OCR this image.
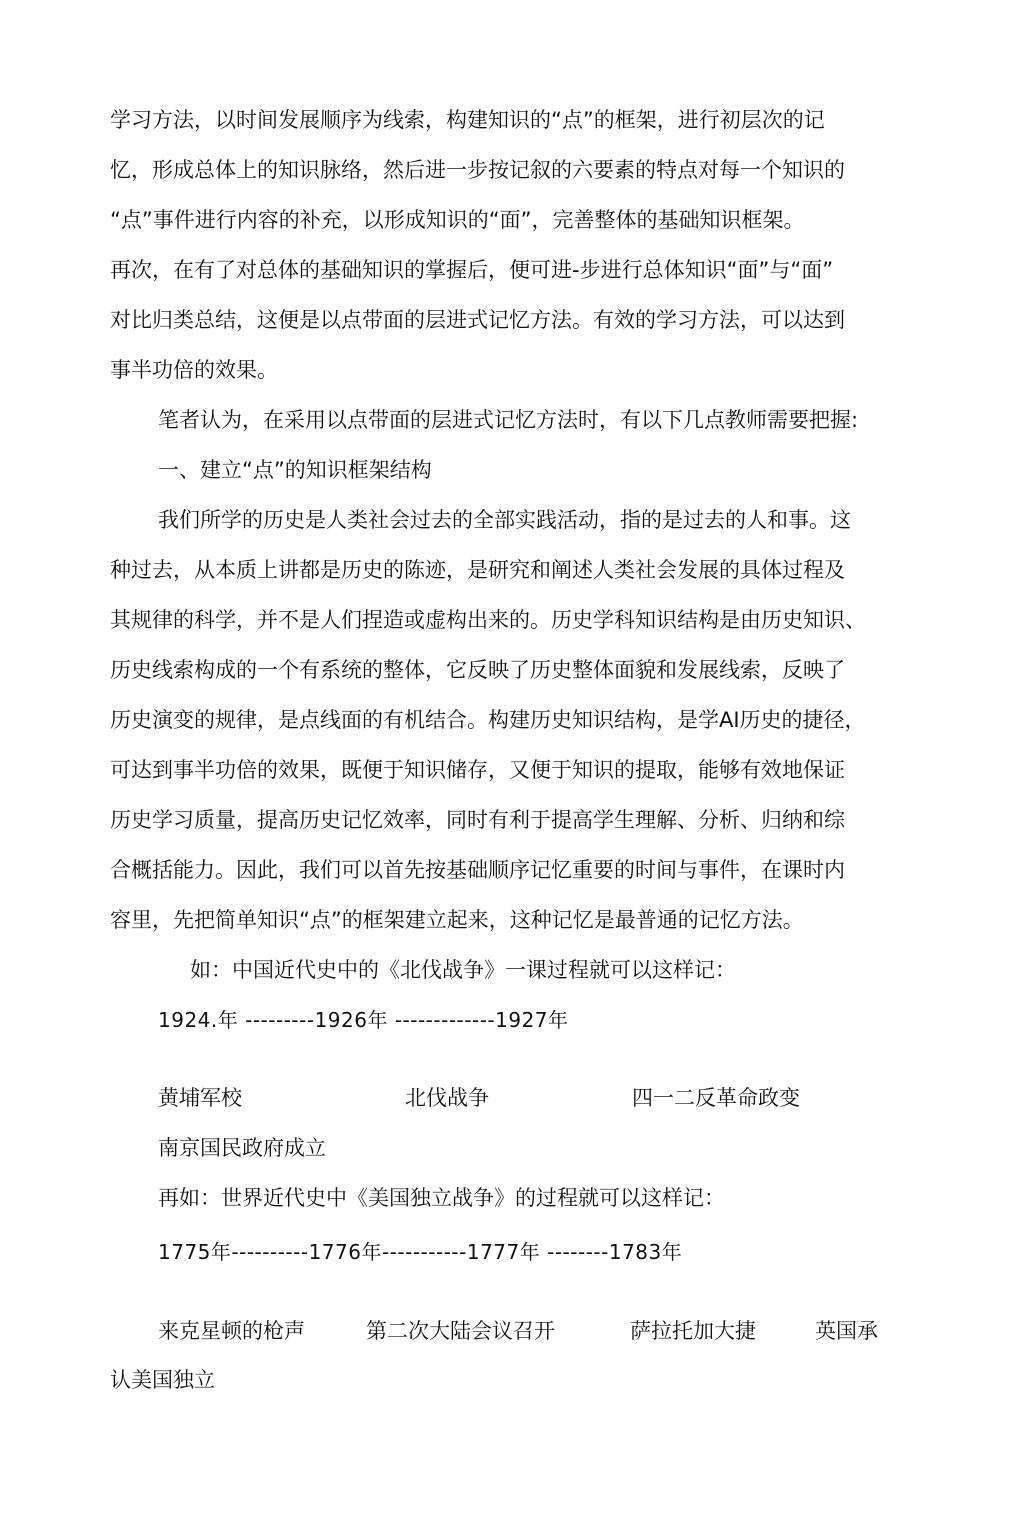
学习方法，以时间发展顺序为线索，构建知识的“点”的框架，进行初层次的记
忆，形成总体上的知识脉络，然后进一步按记叙的六要素的特点对每一个知识的
“点”事件进行内容的补充，以形成知识的“面”，完善整体的基础知识框架。
再次，在有了对总体的基础知识的掌握后，便可进-步进行总体知识“面”与“面”
对比归类总结，这便是以点带面的层进式记忆方法。有效的学习方法，可以达到
事半功倍的效果。
笔者认为，在采用以点带面的层进式记忆方法时，有以下几点教师需要把握:
一、建立“点”的知识框架结构
我们所学的历史是人类社会过去的全部实践活动，指的是过去的人和事。这
种过去，从本质上讲都是历史的陈迹，是研究和阐述人类社会发展的具体过程及
其规律的科学，并不是人们捏造或虚构出来的。历史学科知识结构是由历史知识、
历史线索构成的一个有系统的整体，它反映了历史整体面貌和发展线索，反映了
历史演变的规律，是点线面的有机结合。构建历史知识结构，是学AI历史的捷径，
可达到事半功倍的效果，既便于知识储存，又便于知识的提取，能够有效地保证
历史学习质量，提高历史记忆效率，同时有利于提高学生理解、分析、归纳和综
合概括能力。因此，我们可以首先按基础顺序记忆重要的时间与事件，在课时内
容里，先把简单知识“点”的框架建立起来，这种记忆是最普通的记忆方法。
如：中国近代史中的《北伐战争》一课过程就可以这样记：
1924.年 ---------1926年 -------------1927年
黄埔军校	北伐战争	四一二反革命政变
南京国民政府成立
再如：世界近代史中《美国独立战争》的过程就可以这样记：
1775年----------1776年-----------1777年 --------1783年
来克星顿的枪声	第二次大陆会议召开	萨拉托加大捷	英国承
认美国独立
